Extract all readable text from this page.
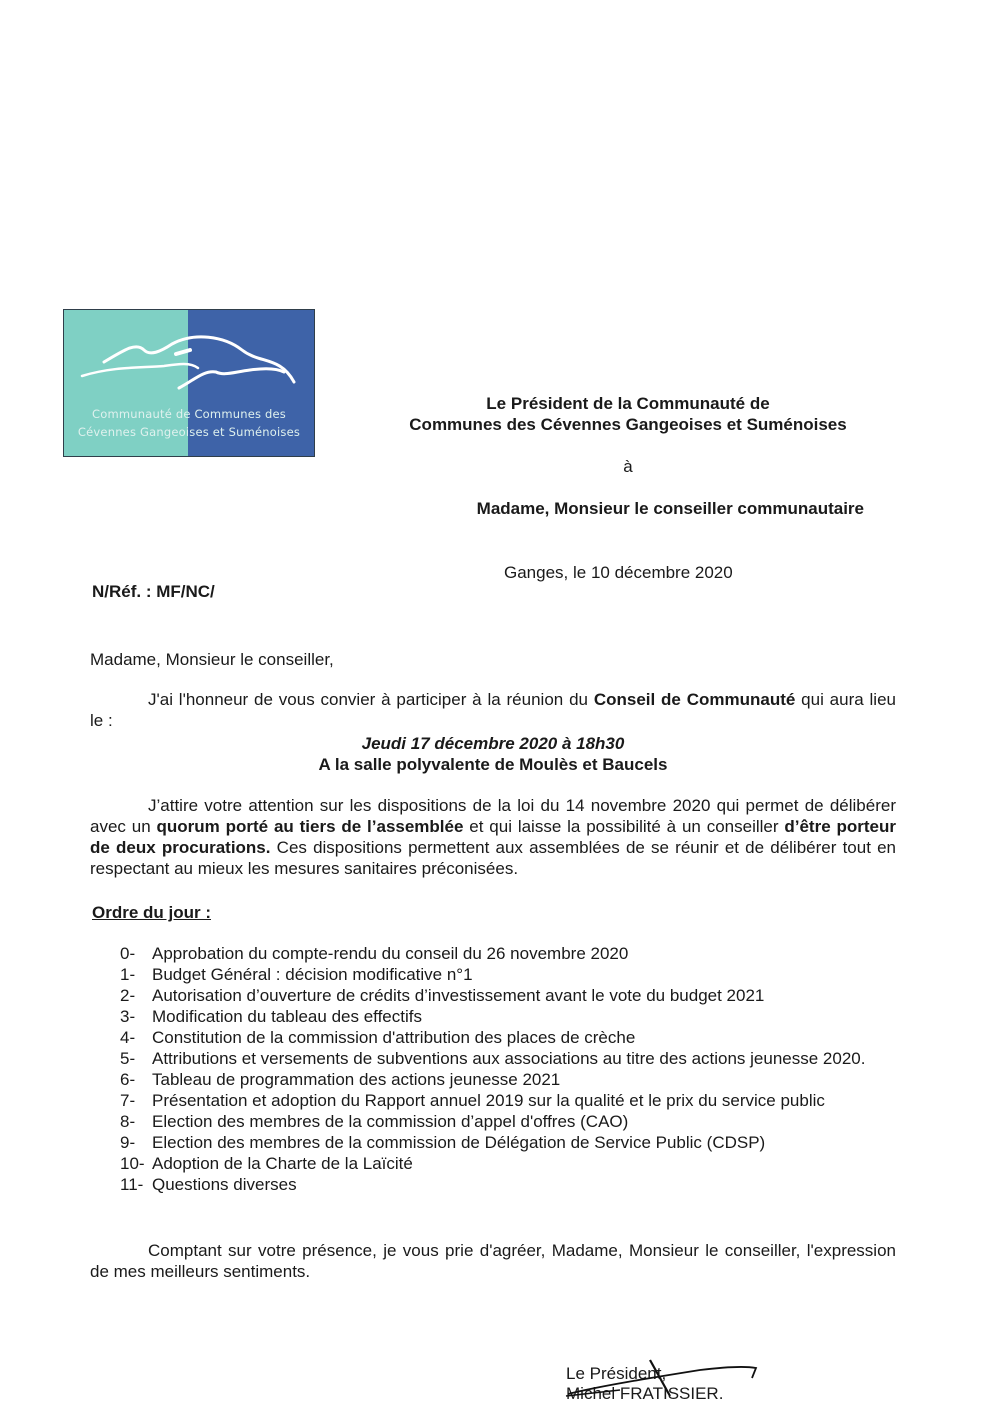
Communauté de Communes des
Cévennes Gangeoises et Suménoises
Le Président de la Communauté de
Communes des Cévennes Gangeoises et Suménoises
à
Madame, Monsieur le conseiller communautaire
Ganges, le 10 décembre 2020
N/Réf. : MF/NC/
Madame, Monsieur le conseiller,
J'ai l'honneur de vous convier à participer à la réunion du Conseil de Communauté qui aura lieu le :
Jeudi 17 décembre 2020 à 18h30
A la salle polyvalente de Moulès et Baucels
J’attire votre attention sur les dispositions de la loi du 14 novembre 2020 qui permet de délibérer avec un quorum porté au tiers de l’assemblée et qui laisse la possibilité à un conseiller d’être porteur de deux procurations. Ces dispositions permettent aux assemblées de se réunir et de délibérer tout en respectant au mieux les mesures sanitaires préconisées.
Ordre du jour :
0- Approbation du compte-rendu du conseil du 26 novembre 2020
1- Budget Général : décision modificative n°1
2- Autorisation d’ouverture de crédits d’investissement avant le vote du budget 2021
3- Modification du tableau des effectifs
4- Constitution de la commission d'attribution des places de crèche
5- Attributions et versements de subventions aux associations au titre des actions jeunesse 2020.
6- Tableau de programmation des actions jeunesse 2021
7- Présentation et adoption du Rapport annuel 2019 sur la qualité et le prix du service public
8- Election des membres de la commission d’appel d'offres (CAO)
9- Election des membres de la commission de Délégation de Service Public (CDSP)
10- Adoption de la Charte de la Laïcité
11- Questions diverses
Comptant sur votre présence, je vous prie d'agréer, Madame, Monsieur le conseiller, l'expression de mes meilleurs sentiments.
Le Président,
Michel FRATISSIER.
